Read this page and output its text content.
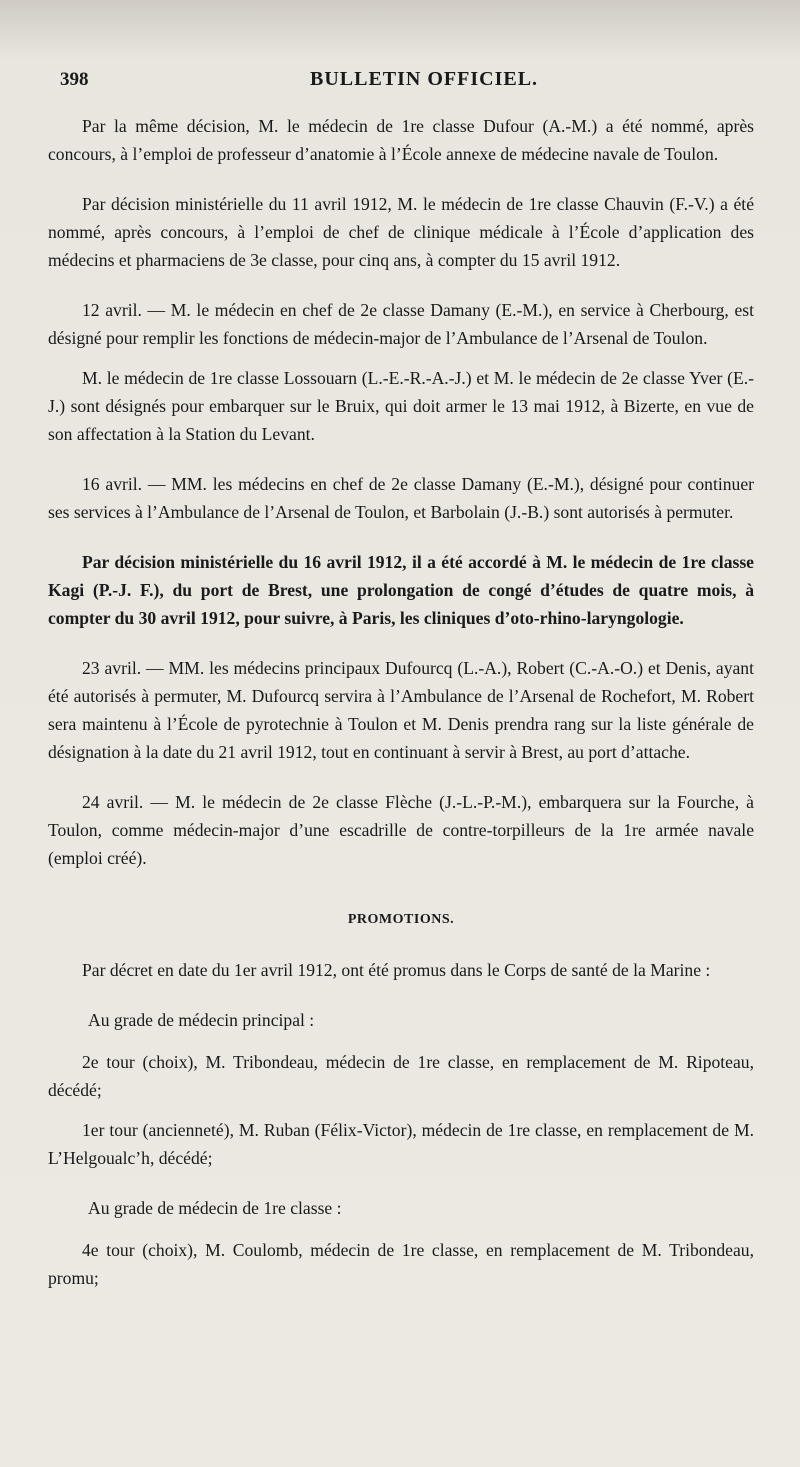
398	BULLETIN OFFICIEL.

Par la même décision, M. le médecin de 1re classe Dufour (A.-M.) a été nommé, après concours, à l’emploi de professeur d’anatomie à l’École annexe de médecine navale de Toulon.

Par décision ministérielle du 11 avril 1912, M. le médecin de 1re classe Chauvin (F.-V.) a été nommé, après concours, à l’emploi de chef de clinique médicale à l’École d’application des médecins et pharmaciens de 3e classe, pour cinq ans, à compter du 15 avril 1912.

12 avril. — M. le médecin en chef de 2e classe Damany (E.-M.), en service à Cherbourg, est désigné pour remplir les fonctions de médecin-major de l’Ambulance de l’Arsenal de Toulon.

M. le médecin de 1re classe Lossouarn (L.-E.-R.-A.-J.) et M. le médecin de 2e classe Yver (E.-J.) sont désignés pour embarquer sur le Bruix, qui doit armer le 13 mai 1912, à Bizerte, en vue de son affectation à la Station du Levant.

16 avril. — MM. les médecins en chef de 2e classe Damany (E.-M.), désigné pour continuer ses services à l’Ambulance de l’Arsenal de Toulon, et Barbolain (J.-B.) sont autorisés à permuter.

Par décision ministérielle du 16 avril 1912, il a été accordé à M. le médecin de 1re classe Kagi (P.-J. F.), du port de Brest, une prolongation de congé d’études de quatre mois, à compter du 30 avril 1912, pour suivre, à Paris, les cliniques d’oto-rhino-laryngologie.

23 avril. — MM. les médecins principaux Dufourcq (L.-A.), Robert (C.-A.-O.) et Denis, ayant été autorisés à permuter, M. Dufourcq servira à l’Ambulance de l’Arsenal de Rochefort, M. Robert sera maintenu à l’École de pyrotechnie à Toulon et M. Denis prendra rang sur la liste générale de désignation à la date du 21 avril 1912, tout en continuant à servir à Brest, au port d’attache.

24 avril. — M. le médecin de 2e classe Flèche (J.-L.-P.-M.), embarquera sur la Fourche, à Toulon, comme médecin-major d’une escadrille de contre-torpilleurs de la 1re armée navale (emploi créé).

PROMOTIONS.

Par décret en date du 1er avril 1912, ont été promus dans le Corps de santé de la Marine :

Au grade de médecin principal :

2e tour (choix), M. Tribondeau, médecin de 1re classe, en remplacement de M. Ripoteau, décédé;

1er tour (ancienneté), M. Ruban (Félix-Victor), médecin de 1re classe, en remplacement de M. L’Helgoualc’h, décédé;

Au grade de médecin de 1re classe :

4e tour (choix), M. Coulomb, médecin de 1re classe, en remplacement de M. Tribondeau, promu;
